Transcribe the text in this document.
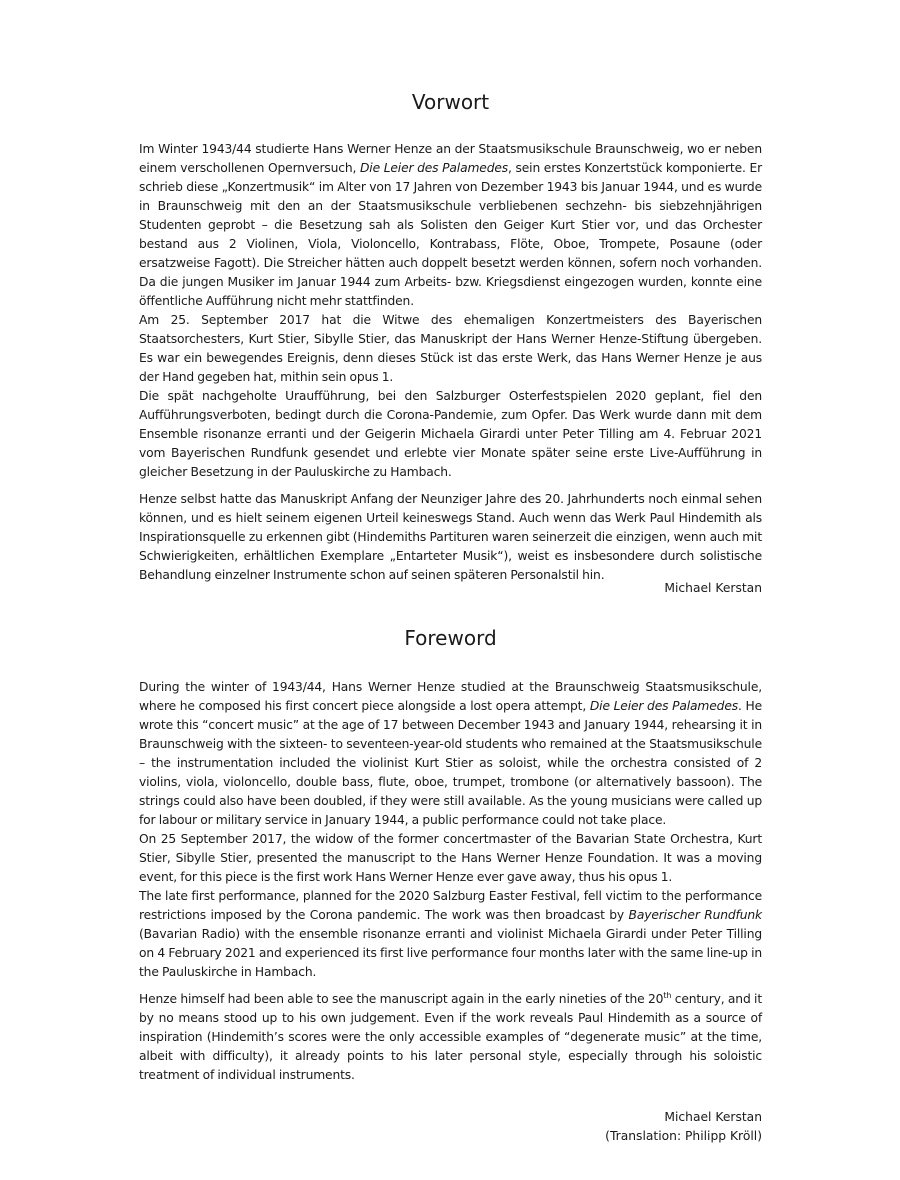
Vorwort

Im Winter 1943/44 studierte Hans Werner Henze an der Staatsmusikschule Braunschweig, wo er neben einem verschollenen Opernversuch, Die Leier des Palamedes, sein erstes Konzertstück komponierte. Er schrieb diese „Konzertmusik“ im Alter von 17 Jahren von Dezember 1943 bis Januar 1944, und es wurde in Braunschweig mit den an der Staatsmusikschule verbliebenen sechzehn- bis siebzehnjährigen Studenten geprobt – die Besetzung sah als Solisten den Geiger Kurt Stier vor, und das Orchester bestand aus 2 Violinen, Viola, Violoncello, Kontrabass, Flöte, Oboe, Trompete, Posaune (oder ersatzweise Fagott). Die Streicher hätten auch doppelt besetzt werden können, sofern noch vorhanden. Da die jungen Musiker im Januar 1944 zum Arbeits- bzw. Kriegsdienst eingezogen wurden, konnte eine öffentliche Aufführung nicht mehr stattfinden.

Am 25. September 2017 hat die Witwe des ehemaligen Konzertmeisters des Bayerischen Staatsorchesters, Kurt Stier, Sibylle Stier, das Manuskript der Hans Werner Henze-Stiftung übergeben. Es war ein bewegendes Ereignis, denn dieses Stück ist das erste Werk, das Hans Werner Henze je aus der Hand gegeben hat, mithin sein opus 1.

Die spät nachgeholte Uraufführung, bei den Salzburger Osterfestspielen 2020 geplant, fiel den Aufführungsverboten, bedingt durch die Corona-Pandemie, zum Opfer. Das Werk wurde dann mit dem Ensemble risonanze erranti und der Geigerin Michaela Girardi unter Peter Tilling am 4. Februar 2021 vom Bayerischen Rundfunk gesendet und erlebte vier Monate später seine erste Live-Aufführung in gleicher Besetzung in der Pauluskirche zu Hambach.

Henze selbst hatte das Manuskript Anfang der Neunziger Jahre des 20. Jahrhunderts noch einmal sehen können, und es hielt seinem eigenen Urteil keineswegs Stand. Auch wenn das Werk Paul Hindemith als Inspirationsquelle zu erkennen gibt (Hindemiths Partituren waren seinerzeit die einzigen, wenn auch mit Schwierigkeiten, erhältlichen Exemplare „Entarteter Musik“), weist es insbesondere durch solistische Behandlung einzelner Instrumente schon auf seinen späteren Personalstil hin.

Michael Kerstan

Foreword

During the winter of 1943/44, Hans Werner Henze studied at the Braunschweig Staatsmusikschule, where he composed his first concert piece alongside a lost opera attempt, Die Leier des Palamedes. He wrote this “concert music” at the age of 17 between December 1943 and January 1944, rehearsing it in Braunschweig with the sixteen- to seventeen-year-old students who remained at the Staatsmusikschule – the instrumentation included the violinist Kurt Stier as soloist, while the orchestra consisted of 2 violins, viola, violoncello, double bass, flute, oboe, trumpet, trombone (or alternatively bassoon). The strings could also have been doubled, if they were still available. As the young musicians were called up for labour or military service in January 1944, a public performance could not take place.

On 25 September 2017, the widow of the former concertmaster of the Bavarian State Orchestra, Kurt Stier, Sibylle Stier, presented the manuscript to the Hans Werner Henze Foundation. It was a moving event, for this piece is the first work Hans Werner Henze ever gave away, thus his opus 1.

The late first performance, planned for the 2020 Salzburg Easter Festival, fell victim to the performance restrictions imposed by the Corona pandemic. The work was then broadcast by Bayerischer Rundfunk (Bavarian Radio) with the ensemble risonanze erranti and violinist Michaela Girardi under Peter Tilling on 4 February 2021 and experienced its first live performance four months later with the same line-up in the Pauluskirche in Hambach.

Henze himself had been able to see the manuscript again in the early nineties of the 20th century, and it by no means stood up to his own judgement. Even if the work reveals Paul Hindemith as a source of inspiration (Hindemith’s scores were the only accessible examples of “degenerate music” at the time, albeit with difficulty), it already points to his later personal style, especially through his soloistic treatment of individual instruments.

Michael Kerstan

(Translation: Philipp Kröll)
